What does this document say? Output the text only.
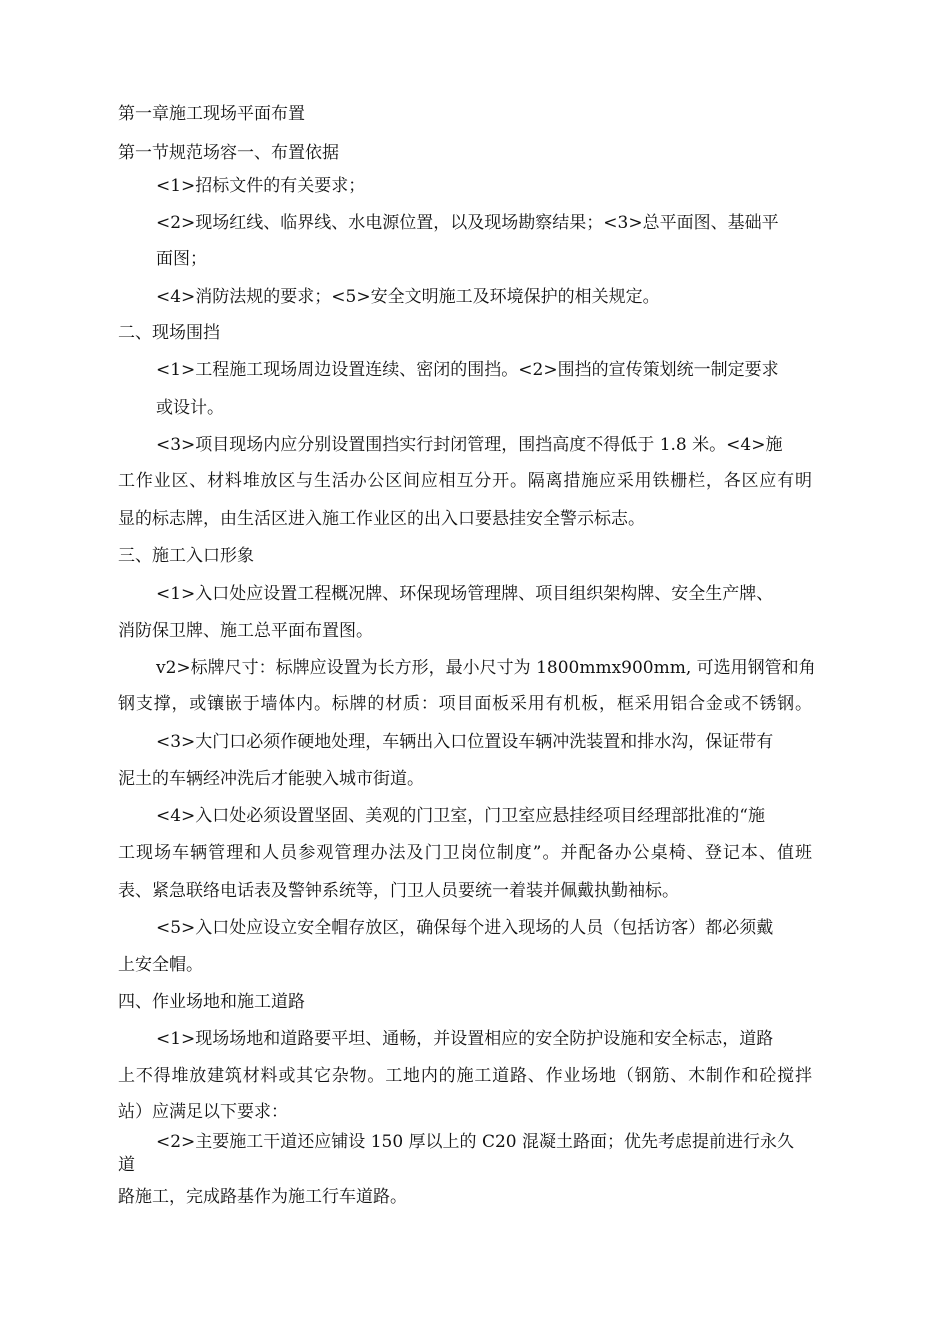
第一章施工现场平面布置
第一节规范场容一、布置依据
<1>招标文件的有关要求；
<2>现场红线、临界线、水电源位置，以及现场勘察结果；<3>总平面图、基础平
面图；
<4>消防法规的要求；<5>安全文明施工及环境保护的相关规定。
二、现场围挡
<1>工程施工现场周边设置连续、密闭的围挡。<2>围挡的宣传策划统一制定要求
或设计。
<3>项目现场内应分别设置围挡实行封闭管理，围挡高度不得低于 1.8 米。<4>施
工作业区、材料堆放区与生活办公区间应相互分开。隔离措施应采用铁栅栏，各区应有明
显的标志牌，由生活区进入施工作业区的出入口要悬挂安全警示标志。
三、施工入口形象
<1>入口处应设置工程概况牌、环保现场管理牌、项目组织架构牌、安全生产牌、
消防保卫牌、施工总平面布置图。
v2>标牌尺寸：标牌应设置为长方形，最小尺寸为 1800mmx900mm, 可选用钢管和角
钢支撑，或镶嵌于墙体内。标牌的材质：项目面板采用有机板，框采用铝合金或不锈钢。
<3>大门口必须作硬地处理，车辆出入口位置设车辆冲洗装置和排水沟，保证带有
泥土的车辆经冲洗后才能驶入城市街道。
<4>入口处必须设置坚固、美观的门卫室，门卫室应悬挂经项目经理部批准的“施
工现场车辆管理和人员参观管理办法及门卫岗位制度”。并配备办公桌椅、登记本、值班
表、紧急联络电话表及警钟系统等，门卫人员要统一着装并佩戴执勤袖标。
<5>入口处应设立安全帽存放区，确保每个进入现场的人员（包括访客）都必须戴
上安全帽。
四、作业场地和施工道路
<1>现场场地和道路要平坦、通畅，并设置相应的安全防护设施和安全标志，道路
上不得堆放建筑材料或其它杂物。工地内的施工道路、作业场地（钢筋、木制作和砼搅拌
站）应满足以下要求：
<2>主要施工干道还应铺设 150 厚以上的 C20 混凝土路面；优先考虑提前进行永久
道
路施工，完成路基作为施工行车道路。
